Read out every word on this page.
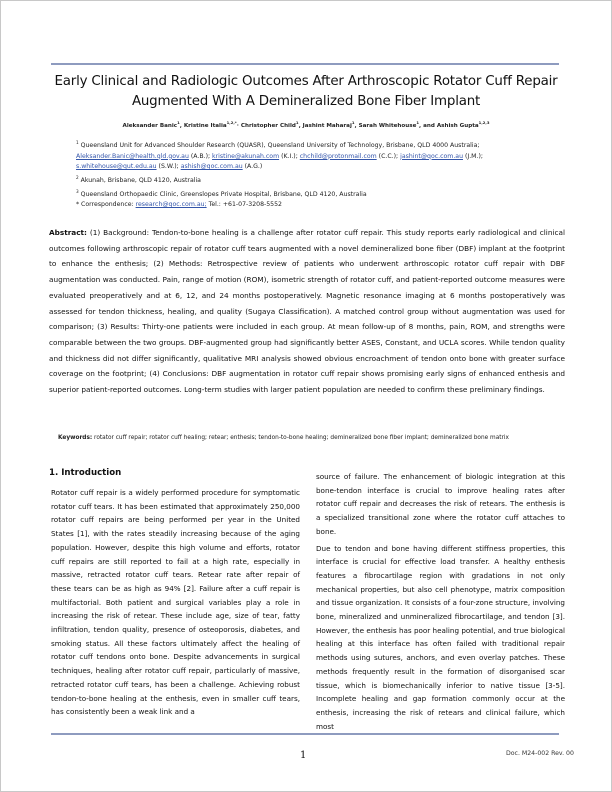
Early Clinical and Radiologic Outcomes After Arthroscopic Rotator Cuff Repair
Augmented With A Demineralized Bone Fiber Implant
Aleksander Banic$^1$, Kristine Italia$^{1,2,*}$· Christopher Child$^1$, Jashint Maharaj$^1$, Sarah Whitehouse$^1$, and Ashish Gupta$^{1,2,3}$
$^1$ Queensland Unit for Advanced Shoulder Research (QUASR), Queensland University of Technology, Brisbane, QLD 4000 Australia;
Aleksander.Banic@health.qld.gov.au (A.B.); kristine@akunah.com (K.I.); chchild@protonmail.com (C.C.); jashint@qoc.com.au (J.M.);
s.whitehouse@qut.edu.au (S.W.); ashish@qoc.com.au (A.G.)
$^2$ Akunah, Brisbane, QLD 4120, Australia
$^3$ Queensland Orthopaedic Clinic, Greenslopes Private Hospital, Brisbane, QLD 4120, Australia
* Correspondence: research@qoc.com.au; Tel.: +61-07-3208-5552
Abstract: (1) Background: Tendon-to-bone healing is a challenge after rotator cuff repair. This study reports early radiological and clinical outcomes following arthroscopic repair of rotator cuff tears augmented with a novel demineralized bone fiber (DBF) implant at the footprint to enhance the enthesis; (2) Methods: Retrospective review of patients who underwent arthroscopic rotator cuff repair with DBF augmentation was conducted. Pain, range of motion (ROM), isometric strength of rotator cuff, and patient-reported outcome measures were evaluated preoperatively and at 6, 12, and 24 months postoperatively. Magnetic resonance imaging at 6 months postoperatively was assessed for tendon thickness, healing, and quality (Sugaya Classification). A matched control group without augmentation was used for comparison; (3) Results: Thirty-one patients were included in each group. At mean follow-up of 8 months, pain, ROM, and strengths were comparable between the two groups. DBF-augmented group had significantly better ASES, Constant, and UCLA scores. While tendon quality and thickness did not differ significantly, qualitative MRI analysis showed obvious encroachment of tendon onto bone with greater surface coverage on the footprint; (4) Conclusions: DBF augmentation in rotator cuff repair shows promising early signs of enhanced enthesis and superior patient-reported outcomes. Long-term studies with larger patient population are needed to confirm these preliminary findings.
Keywords: rotator cuff repair; rotator cuff healing; retear; enthesis; tendon-to-bone healing; demineralized bone fiber implant; demineralized bone matrix
1. Introduction

Rotator cuff repair is a widely performed procedure for symptomatic rotator cuff tears. It has been estimated that approximately 250,000 rotator cuff repairs are being performed per year in the United States [1], with the rates steadily increasing because of the aging population. However, despite this high volume and efforts, rotator cuff repairs are still reported to fail at a high rate, especially in massive, retracted rotator cuff tears. Retear rate after repair of these tears can be as high as 94% [2]. Failure after a cuff repair is multifactorial. Both patient and surgical variables play a role in increasing the risk of retear. These include age, size of tear, fatty infiltration, tendon quality, presence of osteoporosis, diabetes, and smoking status. All these factors ultimately affect the healing of rotator cuff tendons onto bone. Despite advancements in surgical techniques, healing after rotator cuff repair, particularly of massive, retracted rotator cuff tears, has been a challenge. Achieving robust tendon-to-bone healing at the enthesis, even in smaller cuff tears, has consistently been a weak link and a

source of failure. The enhancement of biologic integration at this bone-tendon interface is crucial to improve healing rates after rotator cuff repair and decreases the risk of retears. The enthesis is a specialized transitional zone where the rotator cuff attaches to bone.

Due to tendon and bone having different stiffness properties, this interface is crucial for effective load transfer. A healthy enthesis features a fibrocartilage region with gradations in not only mechanical properties, but also cell phenotype, matrix composition and tissue organization. It consists of a four-zone structure, involving bone, mineralized and unmineralized fibrocartilage, and tendon [3]. However, the enthesis has poor healing potential, and true biological healing at this interface has often failed with traditional repair methods using sutures, anchors, and even overlay patches. These methods frequently result in the formation of disorganised scar tissue, which is biomechanically inferior to native tissue [3-5]. Incomplete healing and gap formation commonly occur at the enthesis, increasing the risk of retears and clinical failure, which most

1	Doc. M24-002 Rev. 00
